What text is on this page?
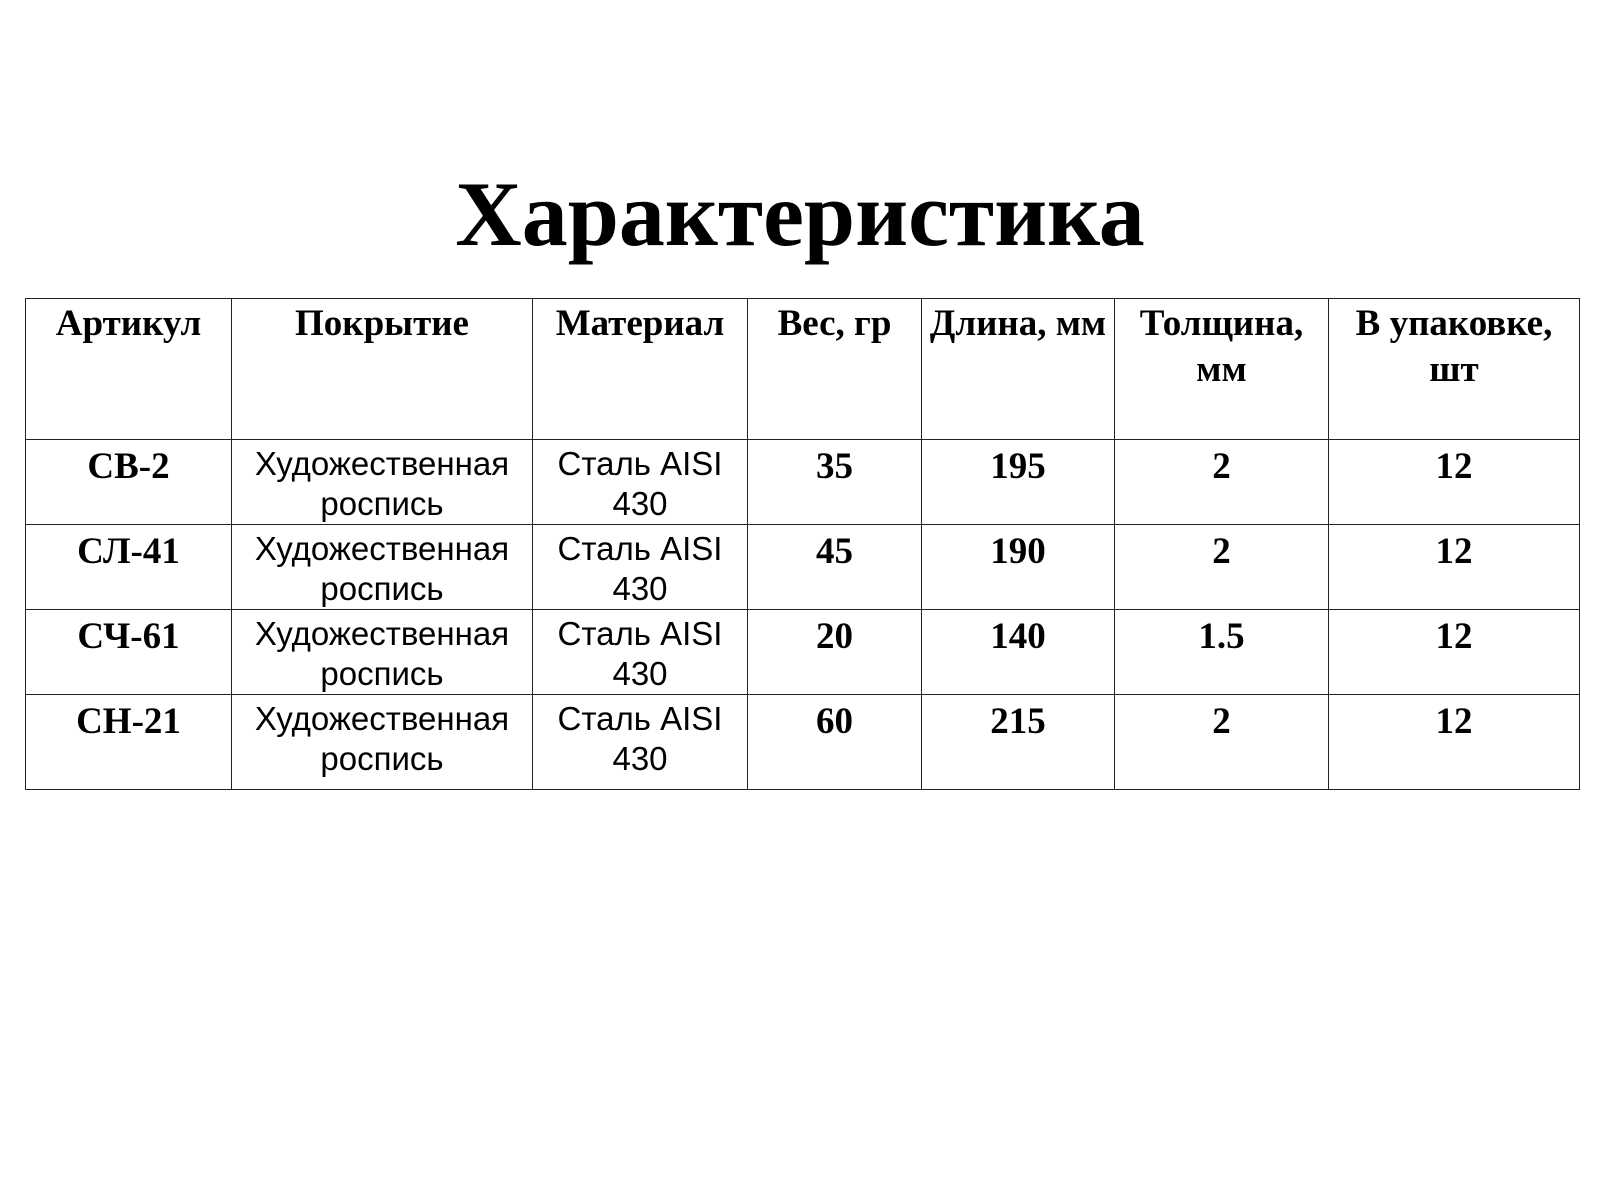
Характеристика
Артикул	Покрытие	Материал	Вес, гр	Длина, мм	Толщина, мм	В упаковке, шт
СВ-2	Художественная роспись	Сталь AISI 430	35	195	2	12
СЛ-41	Художественная роспись	Сталь AISI 430	45	190	2	12
СЧ-61	Художественная роспись	Сталь AISI 430	20	140	1.5	12
СН-21	Художественная роспись	Сталь AISI 430	60	215	2	12
